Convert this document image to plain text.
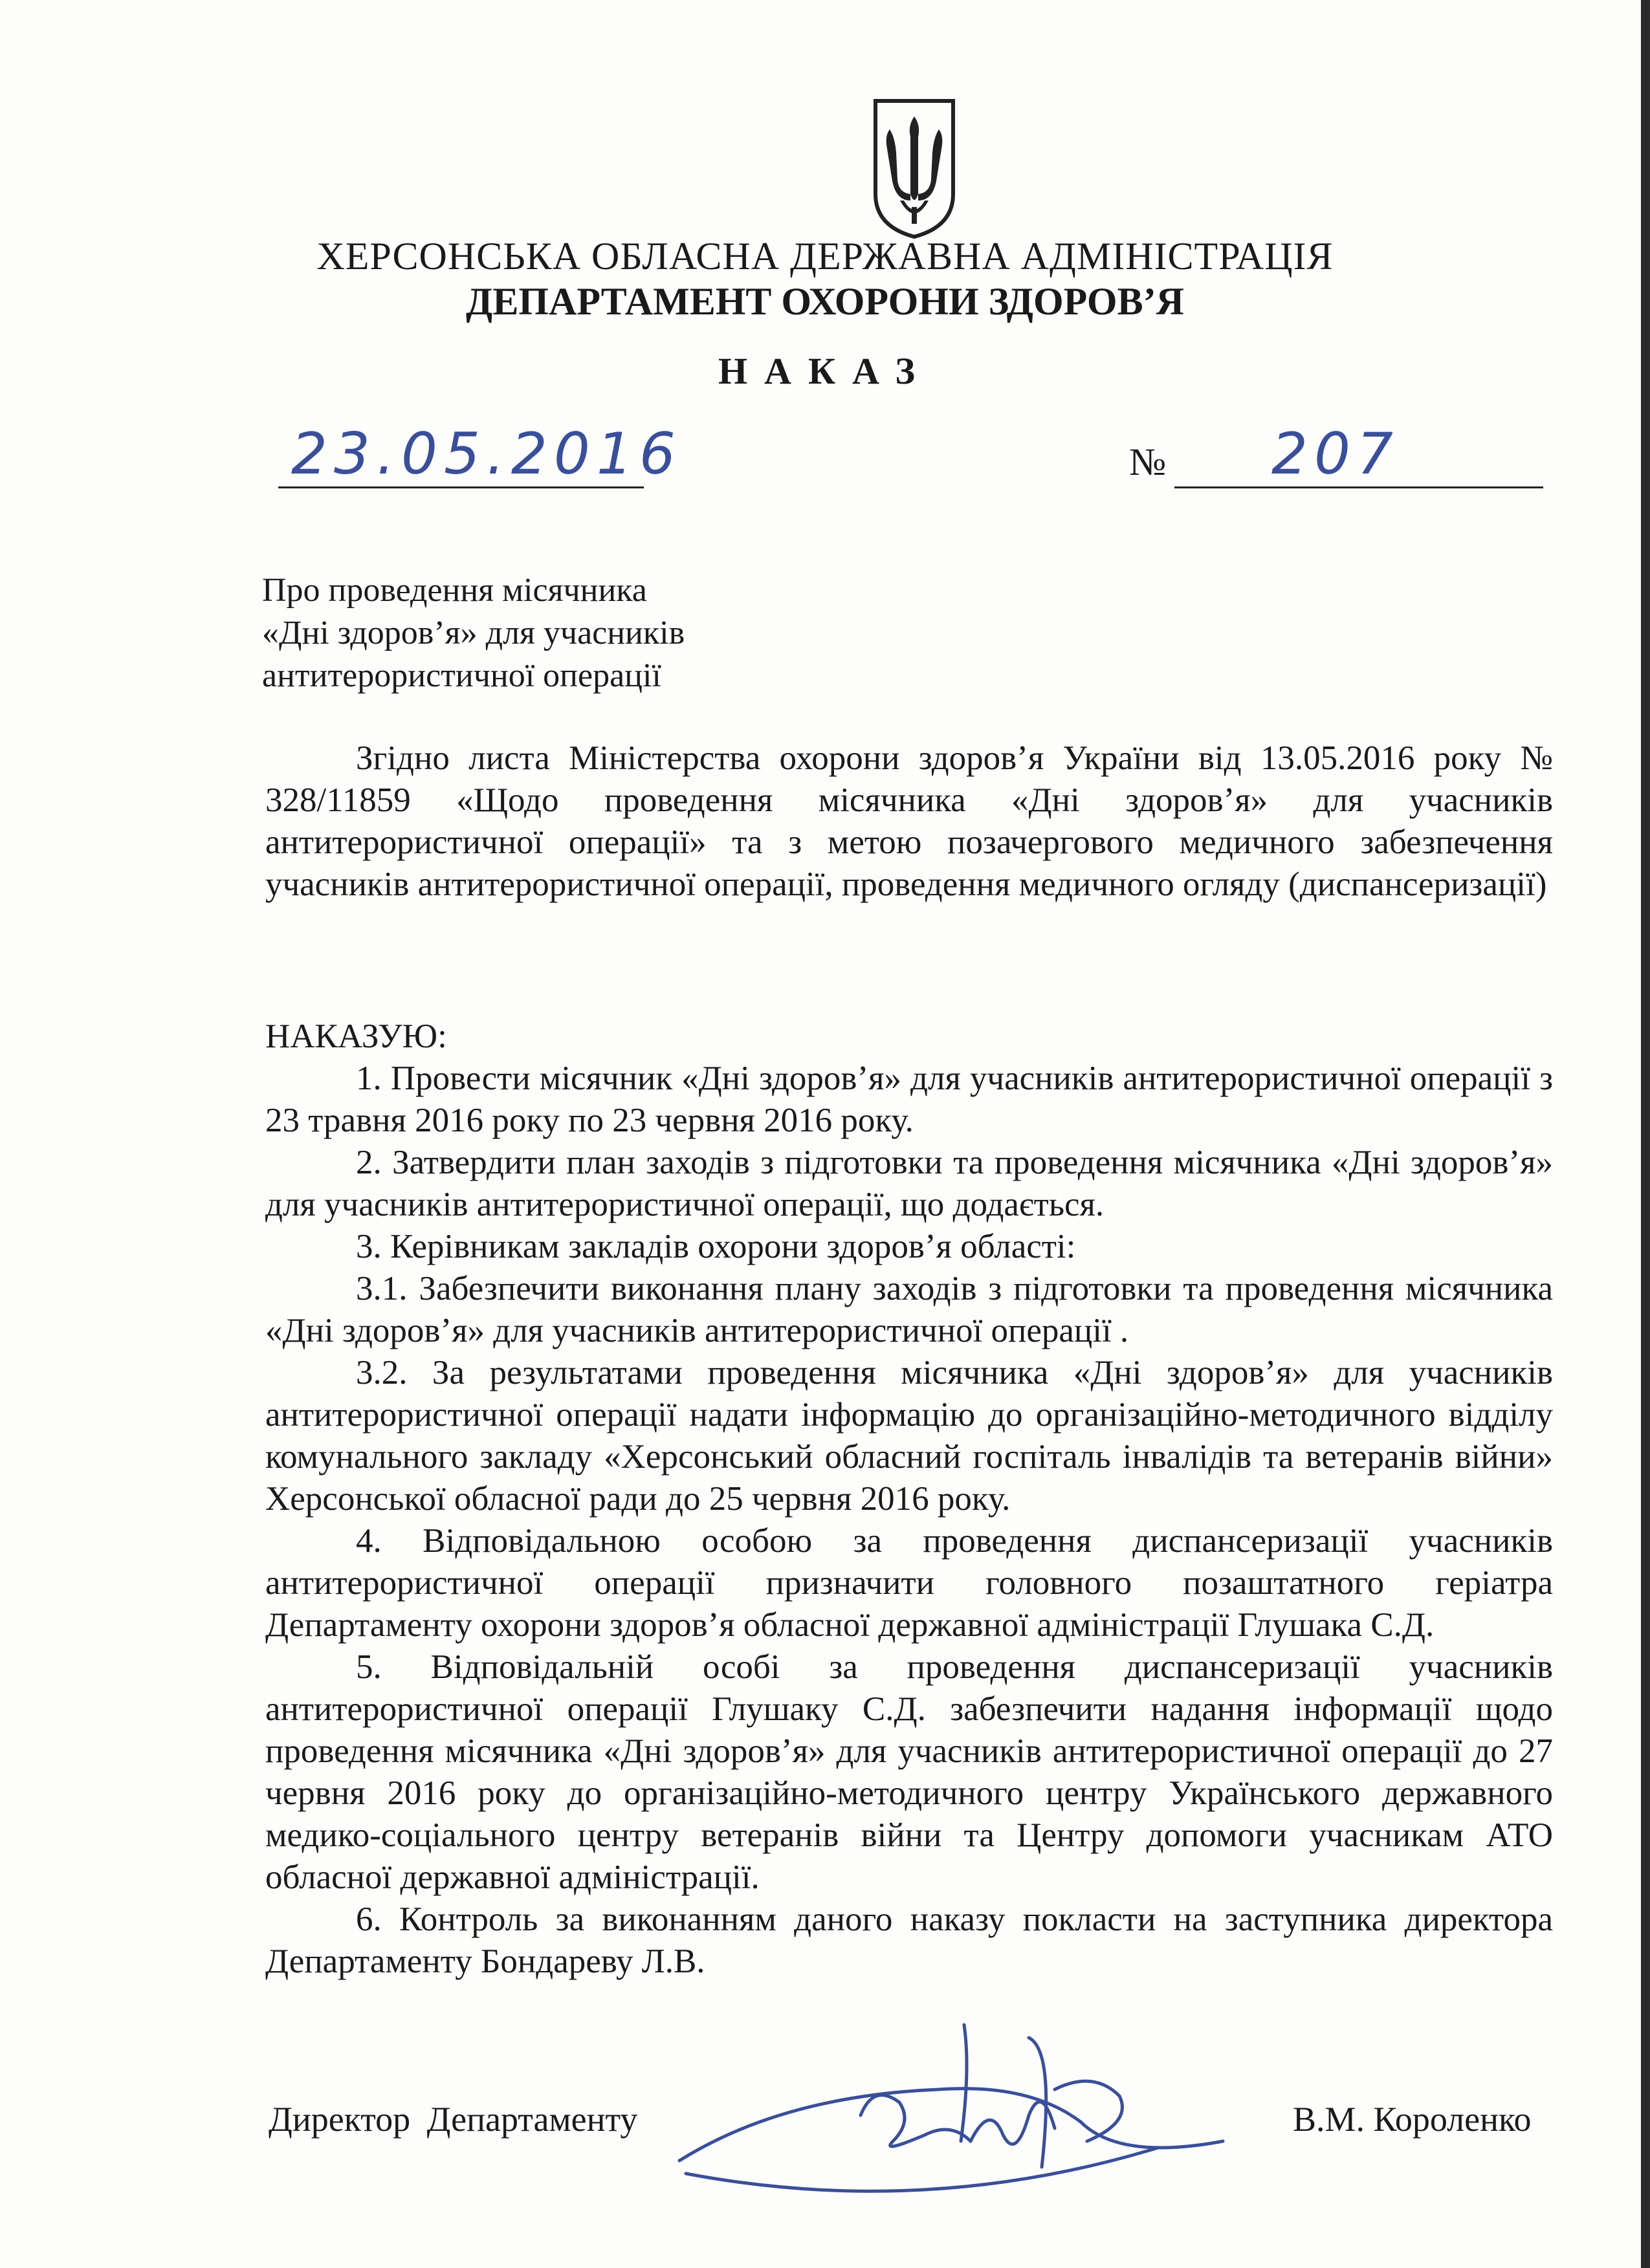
ХЕРСОНСЬКА ОБЛАСНА ДЕРЖАВНА АДМІНІСТРАЦІЯ
ДЕПАРТАМЕНТ ОХОРОНИ ЗДОРОВ’Я
НАКАЗ
23.05.2016	№ 207
Про проведення місячника
«Дні здоров’я» для учасників
антитерористичної операції
Згідно листа Міністерства охорони здоров’я України від 13.05.2016 року № 328/11859 «Щодо проведення місячника «Дні здоров’я» для учасників антитерористичної операції» та з метою позачергового медичного забезпечення учасників антитерористичної операції, проведення медичного огляду (диспансеризації)
НАКАЗУЮ:
1. Провести місячник «Дні здоров’я» для учасників антитерористичної операції з 23 травня 2016 року по 23 червня 2016 року.
2. Затвердити план заходів з підготовки та проведення місячника «Дні здоров’я» для учасників антитерористичної операції, що додається.
3. Керівникам закладів охорони здоров’я області:
3.1. Забезпечити виконання плану заходів з підготовки та проведення місячника «Дні здоров’я» для учасників антитерористичної операції .
3.2. За результатами проведення місячника «Дні здоров’я» для учасників антитерористичної операції надати інформацію до організаційно-методичного відділу комунального закладу «Херсонський обласний госпіталь інвалідів та ветеранів війни» Херсонської обласної ради до 25 червня 2016 року.
4. Відповідальною особою за проведення диспансеризації учасників антитерористичної операції призначити головного позаштатного геріатра Департаменту охорони здоров’я обласної державної адміністрації Глушака С.Д.
5. Відповідальній особі за проведення диспансеризації учасників антитерористичної операції Глушаку С.Д. забезпечити надання інформації щодо проведення місячника «Дні здоров’я» для учасників антитерористичної операції до 27 червня 2016 року до організаційно-методичного центру Українського державного медико-соціального центру ветеранів війни та Центру допомоги учасникам АТО обласної державної адміністрації.
6. Контроль за виконанням даного наказу покласти на заступника директора Департаменту Бондареву Л.В.
Директор Департаменту	В.М. Короленко
